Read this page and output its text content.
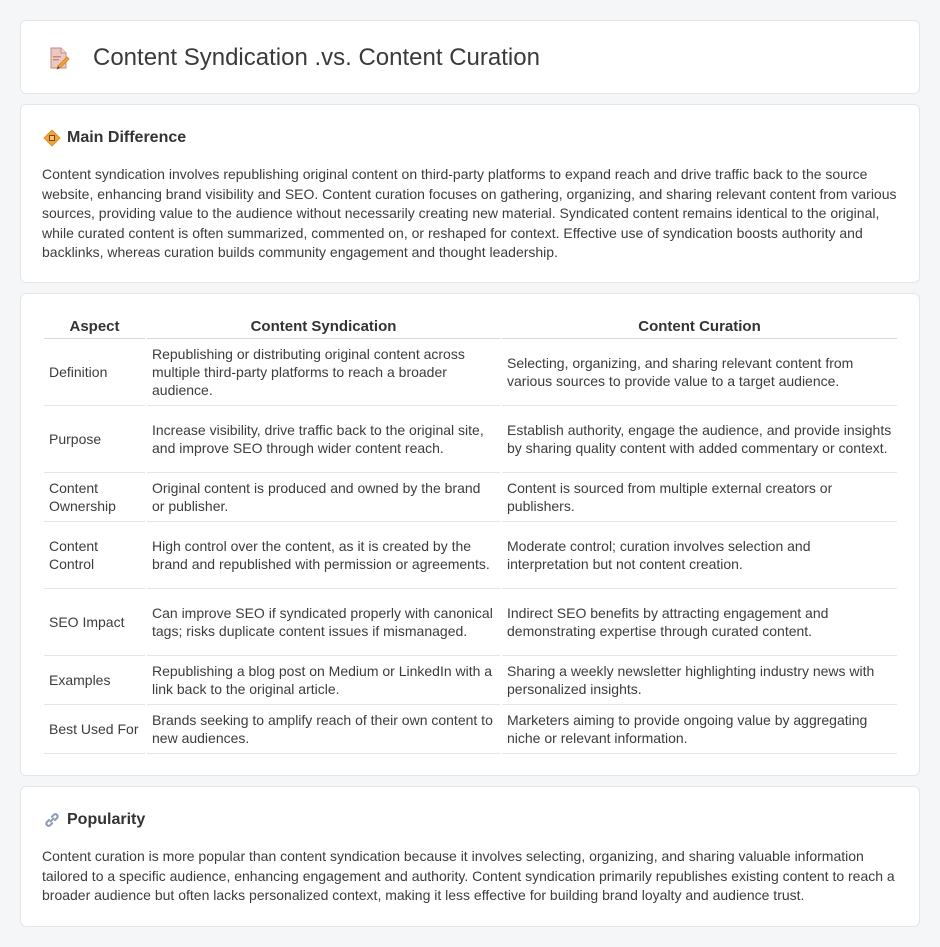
Content Syndication .vs. Content Curation
Main Difference

Content syndication involves republishing original content on third-party platforms to expand reach and drive traffic back to the source website, enhancing brand visibility and SEO. Content curation focuses on gathering, organizing, and sharing relevant content from various sources, providing value to the audience without necessarily creating new material. Syndicated content remains identical to the original, while curated content is often summarized, commented on, or reshaped for context. Effective use of syndication boosts authority and backlinks, whereas curation builds community engagement and thought leadership.

Aspect	Content Syndication	Content Curation
Definition	Republishing or distributing original content across multiple third-party platforms to reach a broader audience.	Selecting, organizing, and sharing relevant content from various sources to provide value to a target audience.
Purpose	Increase visibility, drive traffic back to the original site, and improve SEO through wider content reach.	Establish authority, engage the audience, and provide insights by sharing quality content with added commentary or context.
Content Ownership	Original content is produced and owned by the brand or publisher.	Content is sourced from multiple external creators or publishers.
Content Control	High control over the content, as it is created by the brand and republished with permission or agreements.	Moderate control; curation involves selection and interpretation but not content creation.
SEO Impact	Can improve SEO if syndicated properly with canonical tags; risks duplicate content issues if mismanaged.	Indirect SEO benefits by attracting engagement and demonstrating expertise through curated content.
Examples	Republishing a blog post on Medium or LinkedIn with a link back to the original article.	Sharing a weekly newsletter highlighting industry news with personalized insights.
Best Used For	Brands seeking to amplify reach of their own content to new audiences.	Marketers aiming to provide ongoing value by aggregating niche or relevant information.
Popularity

Content curation is more popular than content syndication because it involves selecting, organizing, and sharing valuable information tailored to a specific audience, enhancing engagement and authority. Content syndication primarily republishes existing content to reach a broader audience but often lacks personalized context, making it less effective for building brand loyalty and audience trust.
